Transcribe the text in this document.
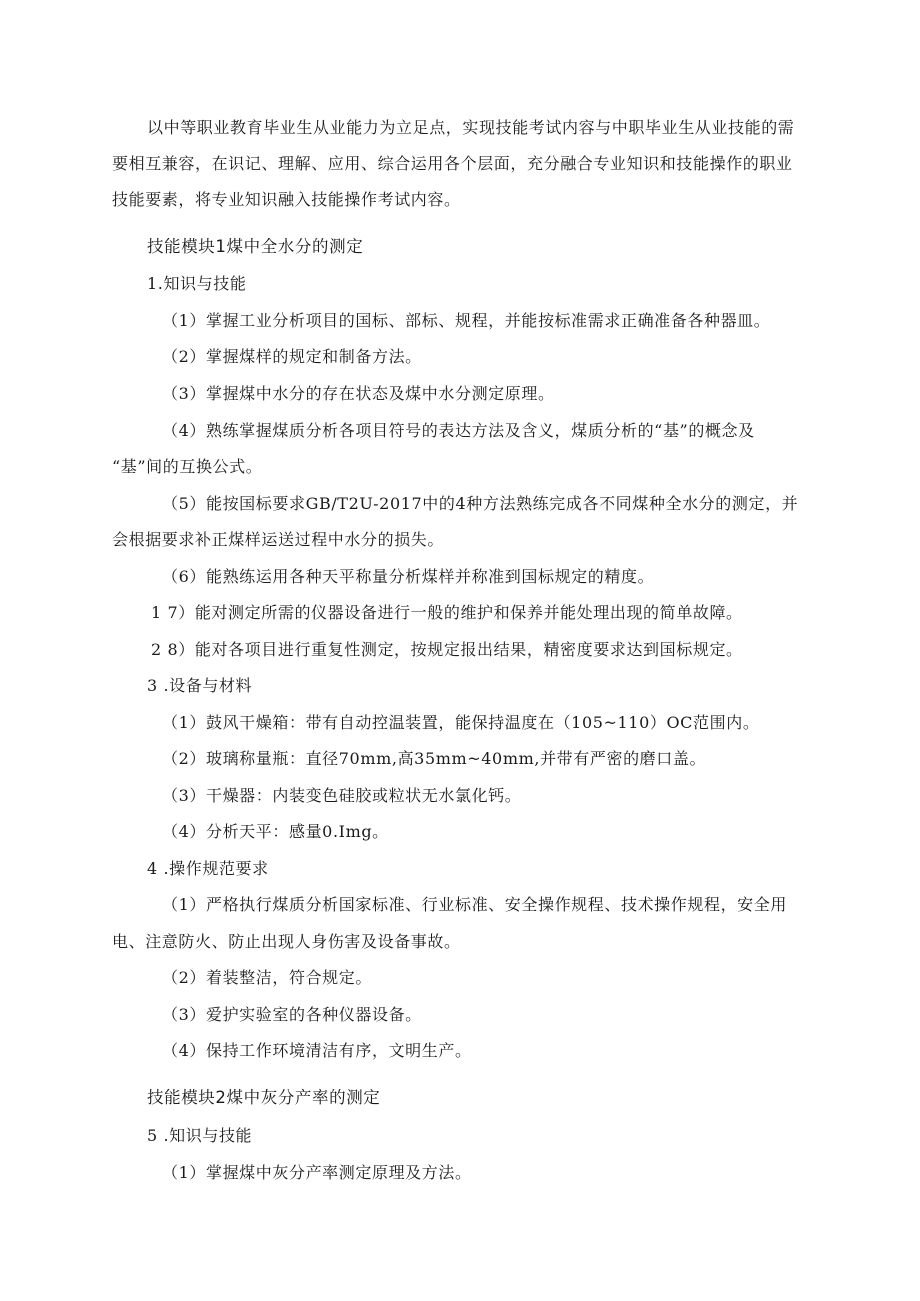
以中等职业教育毕业生从业能力为立足点，实现技能考试内容与中职毕业生从业技能的需
要相互兼容，在识记、理解、应用、综合运用各个层面，充分融合专业知识和技能操作的职业
技能要素，将专业知识融入技能操作考试内容。
技能模块1煤中全水分的测定
1.知识与技能
（1）掌握工业分析项目的国标、部标、规程，并能按标准需求正确准备各种器皿。
（2）掌握煤样的规定和制备方法。
（3）掌握煤中水分的存在状态及煤中水分测定原理。
（4）熟练掌握煤质分析各项目符号的表达方法及含义，煤质分析的“基”的概念及
“基”间的互换公式。
（5）能按国标要求GB/T2U-2017中的4种方法熟练完成各不同煤种全水分的测定，并
会根据要求补正煤样运送过程中水分的损失。
（6）能熟练运用各种天平称量分析煤样并称准到国标规定的精度。
1 7）能对测定所需的仪器设备进行一般的维护和保养并能处理出现的简单故障。
2 8）能对各项目进行重复性测定，按规定报出结果，精密度要求达到国标规定。
3 .设备与材料
（1）鼓风干燥箱：带有自动控温装置，能保持温度在（105~110）OC范围内。
（2）玻璃称量瓶：直径70mm,高35mm~40mm,并带有严密的磨口盖。
（3）干燥器：内装变色硅胶或粒状无水氯化钙。
（4）分析天平：感量0.Img。
4 .操作规范要求
（1）严格执行煤质分析国家标准、行业标准、安全操作规程、技术操作规程，安全用
电、注意防火、防止出现人身伤害及设备事故。
（2）着装整洁，符合规定。
（3）爱护实验室的各种仪器设备。
（4）保持工作环境清洁有序，文明生产。
技能模块2煤中灰分产率的测定
5 .知识与技能
（1）掌握煤中灰分产率测定原理及方法。
